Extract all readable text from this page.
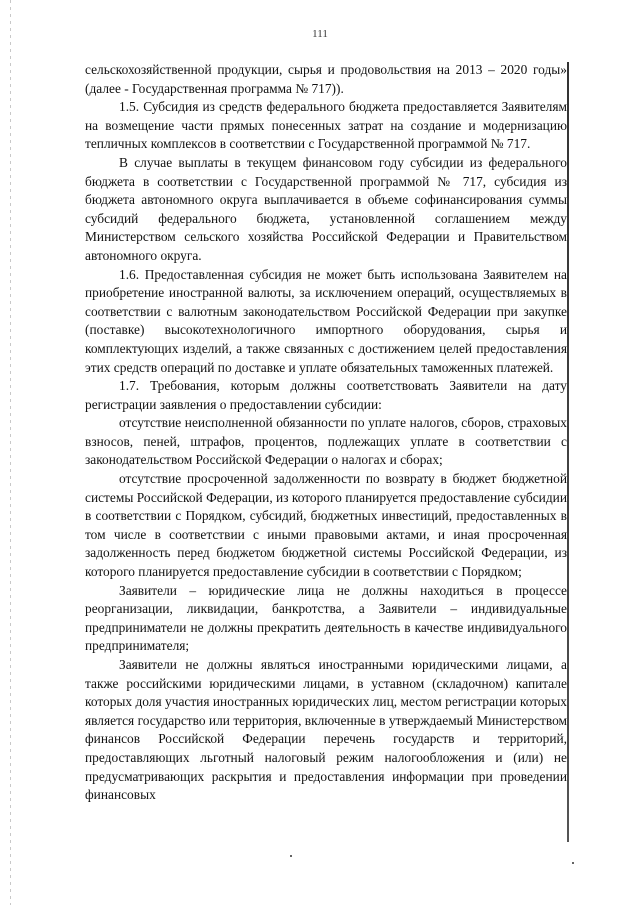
111

сельскохозяйственной продукции, сырья и продовольствия на 2013 – 2020 годы» (далее - Государственная программа № 717)).

1.5. Субсидия из средств федерального бюджета предоставляется Заявителям на возмещение части прямых понесенных затрат на создание и модернизацию тепличных комплексов в соответствии с Государственной программой № 717.

В случае выплаты в текущем финансовом году субсидии из федерального бюджета в соответствии с Государственной программой № 717, субсидия из бюджета автономного округа выплачивается в объеме софинансирования суммы субсидий федерального бюджета, установленной соглашением между Министерством сельского хозяйства Российской Федерации и Правительством автономного округа.

1.6. Предоставленная субсидия не может быть использована Заявителем на приобретение иностранной валюты, за исключением операций, осуществляемых в соответствии с валютным законодательством Российской Федерации при закупке (поставке) высокотехнологичного импортного оборудования, сырья и комплектующих изделий, а также связанных с достижением целей предоставления этих средств операций по доставке и уплате обязательных таможенных платежей.

1.7. Требования, которым должны соответствовать Заявители на дату регистрации заявления о предоставлении субсидии:

отсутствие неисполненной обязанности по уплате налогов, сборов, страховых взносов, пеней, штрафов, процентов, подлежащих уплате в соответствии с законодательством Российской Федерации о налогах и сборах;

отсутствие просроченной задолженности по возврату в бюджет бюджетной системы Российской Федерации, из которого планируется предоставление субсидии в соответствии с Порядком, субсидий, бюджетных инвестиций, предоставленных в том числе в соответствии с иными правовыми актами, и иная просроченная задолженность перед бюджетом бюджетной системы Российской Федерации, из которого планируется предоставление субсидии в соответствии с Порядком;

Заявители – юридические лица не должны находиться в процессе реорганизации, ликвидации, банкротства, а Заявители – индивидуальные предприниматели не должны прекратить деятельность в качестве индивидуального предпринимателя;

Заявители не должны являться иностранными юридическими лицами, а также российскими юридическими лицами, в уставном (складочном) капитале которых доля участия иностранных юридических лиц, местом регистрации которых является государство или территория, включенные в утверждаемый Министерством финансов Российской Федерации перечень государств и территорий, предоставляющих льготный налоговый режим налогообложения и (или) не предусматривающих раскрытия и предоставления информации при проведении финансовых
